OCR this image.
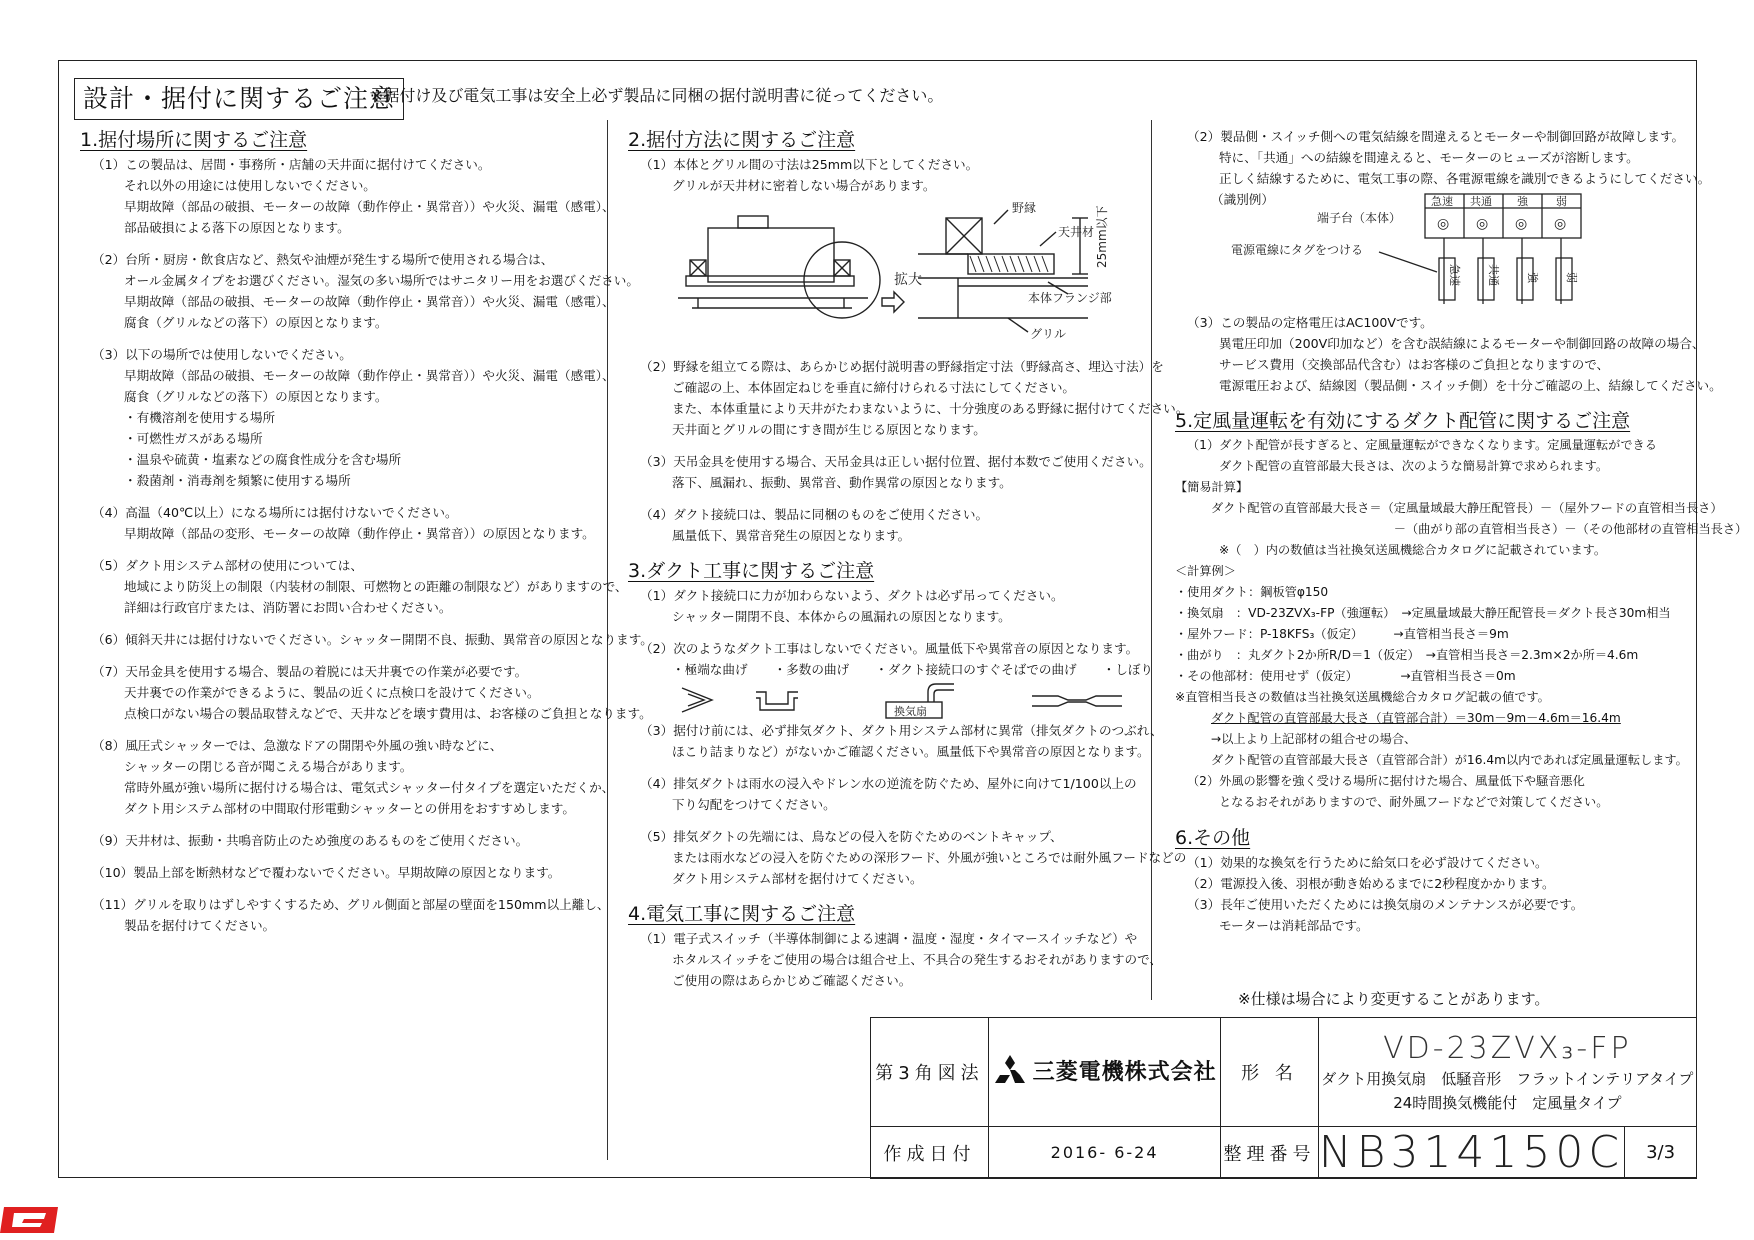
設計・据付に関するご注意
※据付け及び電気工事は安全上必ず製品に同梱の据付説明書に従ってください。

1.据付場所に関するご注意

（1）この製品は、居間・事務所・店舗の天井面に据付けてください。

それ以外の用途には使用しないでください。

早期故障（部品の破損、モーターの故障（動作停止・異常音））や火災、漏電（感電）、

部品破損による落下の原因となります。

（2）台所・厨房・飲食店など、熱気や油煙が発生する場所で使用される場合は、

オール金属タイプをお選びください。湿気の多い場所ではサニタリー用をお選びください。

早期故障（部品の破損、モーターの故障（動作停止・異常音））や火災、漏電（感電）、

腐食（グリルなどの落下）の原因となります。

（3）以下の場所では使用しないでください。

早期故障（部品の破損、モーターの故障（動作停止・異常音））や火災、漏電（感電）、

腐食（グリルなどの落下）の原因となります。

・有機溶剤を使用する場所

・可燃性ガスがある場所

・温泉や硫黄・塩素などの腐食性成分を含む場所

・殺菌剤・消毒剤を頻繁に使用する場所

（4）高温（40℃以上）になる場所には据付けないでください。

早期故障（部品の変形、モーターの故障（動作停止・異常音））の原因となります。

（5）ダクト用システム部材の使用については、

地域により防災上の制限（内装材の制限、可燃物との距離の制限など）がありますので、

詳細は行政官庁または、消防署にお問い合わせください。

（6）傾斜天井には据付けないでください。シャッター開閉不良、振動、異常音の原因となります。

（7）天吊金具を使用する場合、製品の着脱には天井裏での作業が必要です。

天井裏での作業ができるように、製品の近くに点検口を設けてください。

点検口がない場合の製品取替えなどで、天井などを壊す費用は、お客様のご負担となります。

（8）風圧式シャッターでは、急激なドアの開閉や外風の強い時などに、

シャッターの閉じる音が聞こえる場合があります。

常時外風が強い場所に据付ける場合は、電気式シャッター付タイプを選定いただくか、

ダクト用システム部材の中間取付形電動シャッターとの併用をおすすめします。

（9）天井材は、振動・共鳴音防止のため強度のあるものをご使用ください。

（10）製品上部を断熱材などで覆わないでください。早期故障の原因となります。

（11）グリルを取りはずしやすくするため、グリル側面と部屋の壁面を150mm以上離し、

製品を据付けてください。

2.据付方法に関するご注意

（1）本体とグリル間の寸法は25mm以下としてください。

グリルが天井材に密着しない場合があります。

拡大
野縁
天井材
本体フランジ部
グリル
25mm以下

（2）野縁を組立てる際は、あらかじめ据付説明書の野縁指定寸法（野縁高さ、埋込寸法）を

ご確認の上、本体固定ねじを垂直に締付けられる寸法にしてください。

また、本体重量により天井がたわまないように、十分強度のある野縁に据付けてください。

天井面とグリルの間にすき間が生じる原因となります。

（3）天吊金具を使用する場合、天吊金具は正しい据付位置、据付本数でご使用ください。

落下、風漏れ、振動、異常音、動作異常の原因となります。

（4）ダクト接続口は、製品に同梱のものをご使用ください。

風量低下、異常音発生の原因となります。

3.ダクト工事に関するご注意

（1）ダクト接続口に力が加わらないよう、ダクトは必ず吊ってください。

シャッター開閉不良、本体からの風漏れの原因となります。

（2）次のようなダクト工事はしないでください。風量低下や異常音の原因となります。

・極端な曲げ ・多数の曲げ ・ダクト接続口のすぐそばでの曲げ ・しぼり
換気扇

（3）据付け前には、必ず排気ダクト、ダクト用システム部材に異常（排気ダクトのつぶれ、

ほこり詰まりなど）がないかご確認ください。風量低下や異常音の原因となります。

（4）排気ダクトは雨水の浸入やドレン水の逆流を防ぐため、屋外に向けて1/100以上の

下り勾配をつけてください。

（5）排気ダクトの先端には、鳥などの侵入を防ぐためのベントキャップ、

または雨水などの浸入を防ぐための深形フード、外風が強いところでは耐外風フードなどの

ダクト用システム部材を据付けてください。

4.電気工事に関するご注意

（1）電子式スイッチ（半導体制御による速調・温度・湿度・タイマースイッチなど）や

ホタルスイッチをご使用の場合は組合せ上、不具合の発生するおそれがありますので、

ご使用の際はあらかじめご確認ください。

（2）製品側・スイッチ側への電気結線を間違えるとモーターや制御回路が故障します。

特に、「共通」への結線を間違えると、モーターのヒューズが溶断します。

正しく結線するために、電気工事の際、各電源電線を識別できるようにしてください。

（識別例）

端子台（本体）
電源電線にタグをつける
急速 共通 強	弱
◎ ◎ ◎ ◎
急速 共通 強 弱

（3）この製品の定格電圧はAC100Vです。

異電圧印加（200V印加など）を含む誤結線によるモーターや制御回路の故障の場合、

サービス費用（交換部品代含む）はお客様のご負担となりますので、

電源電圧および、結線図（製品側・スイッチ側）を十分ご確認の上、結線してください。

5.定風量運転を有効にするダクト配管に関するご注意

（1）ダクト配管が長すぎると、定風量運転ができなくなります。定風量運転ができる

ダクト配管の直管部最大長さは、次のような簡易計算で求められます。

【簡易計算】

ダクト配管の直管部最大長さ＝（定風量域最大静圧配管長）－（屋外フードの直管相当長さ）

　　　　　　　　　　　　　　　－（曲がり部の直管相当長さ）－（その他部材の直管相当長さ）

※（　）内の数値は当社換気送風機総合カタログに記載されています。

＜計算例＞

・使用ダクト：鋼板管φ150

・換気扇　：VD-23ZVX₃-FP（強運転）　→定風量域最大静圧配管長＝ダクト長さ30m相当

・屋外フード：P-18KFS₃（仮定）　　　→直管相当長さ＝9m

・曲がり　：丸ダクト2か所R/D＝1（仮定）　→直管相当長さ＝2.3m×2か所＝4.6m

・その他部材：使用せず（仮定）　　　　→直管相当長さ＝0m

※直管相当長さの数値は当社換気送風機総合カタログ記載の値です。

ダクト配管の直管部最大長さ（直管部合計）＝30m－9m－4.6m＝16.4m

→以上より上記部材の組合せの場合、

ダクト配管の直管部最大長さ（直管部合計）が16.4m以内であれば定風量運転します。

（2）外風の影響を強く受ける場所に据付けた場合、風量低下や騒音悪化

となるおそれがありますので、耐外風フードなどで対策してください。

6.その他

（1）効果的な換気を行うために給気口を必ず設けてください。

（2）電源投入後、羽根が動き始めるまでに2秒程度かかります。

（3）長年ご使用いただくためには換気扇のメンテナンスが必要です。

モーターは消耗部品です。

※仕様は場合により変更することがあります。
第3角図法	三菱電機株式会社	形 名	VD-23ZVX₃-FP
ダクト用換気扇　低騒音形　フラットインテリアタイプ
24時間換気機能付　定風量タイプ	

作成日付	2016- 6-24	整理番号	NB314150C	3/3
